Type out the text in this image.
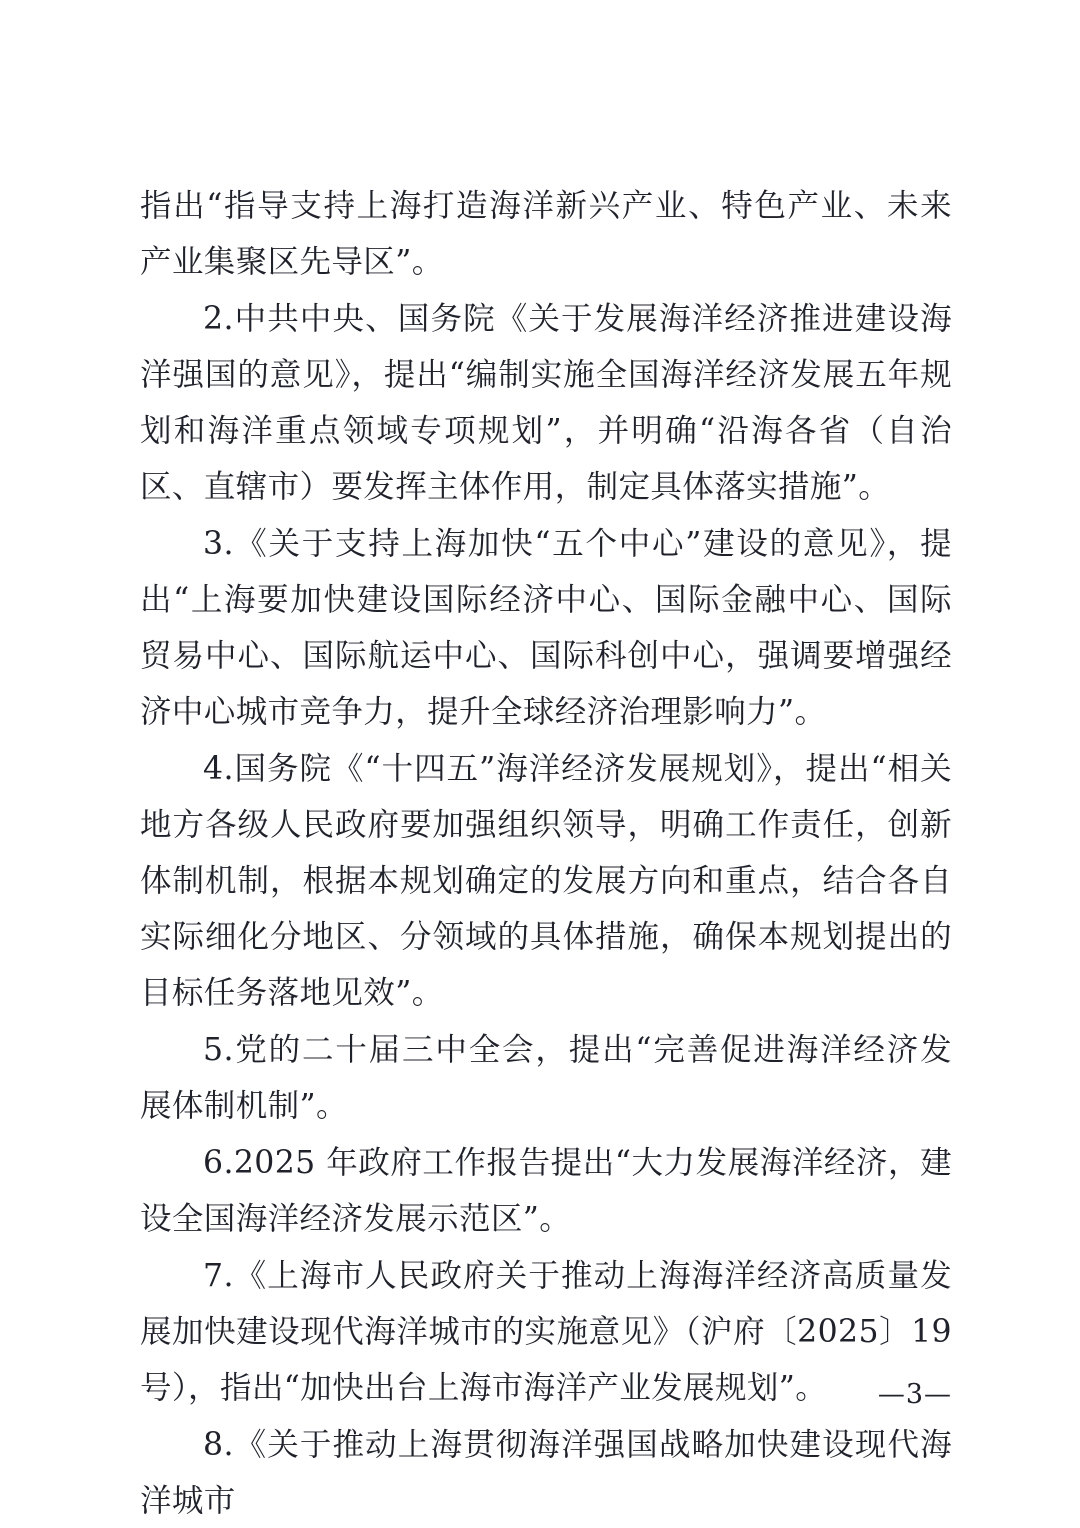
指出“指导支持上海打造海洋新兴产业、特色产业、未来产业集聚区先导区”。

2.中共中央、国务院《关于发展海洋经济推进建设海洋强国的意见》，提出“编制实施全国海洋经济发展五年规划和海洋重点领域专项规划”，并明确“沿海各省（自治区、直辖市）要发挥主体作用，制定具体落实措施”。

3.《关于支持上海加快“五个中心”建设的意见》，提出“上海要加快建设国际经济中心、国际金融中心、国际贸易中心、国际航运中心、国际科创中心，强调要增强经济中心城市竞争力，提升全球经济治理影响力”。

4.国务院《“十四五”海洋经济发展规划》，提出“相关地方各级人民政府要加强组织领导，明确工作责任，创新体制机制，根据本规划确定的发展方向和重点，结合各自实际细化分地区、分领域的具体措施，确保本规划提出的目标任务落地见效”。

5.党的二十届三中全会，提出“完善促进海洋经济发展体制机制”。

6.2025 年政府工作报告提出“大力发展海洋经济，建设全国海洋经济发展示范区”。

7.《上海市人民政府关于推动上海海洋经济高质量发展加快建设现代海洋城市的实施意见》（沪府〔2025〕19 号），指出“加快出台上海市海洋产业发展规划”。

8.《关于推动上海贯彻海洋强国战略加快建设现代海洋城市

—3—
